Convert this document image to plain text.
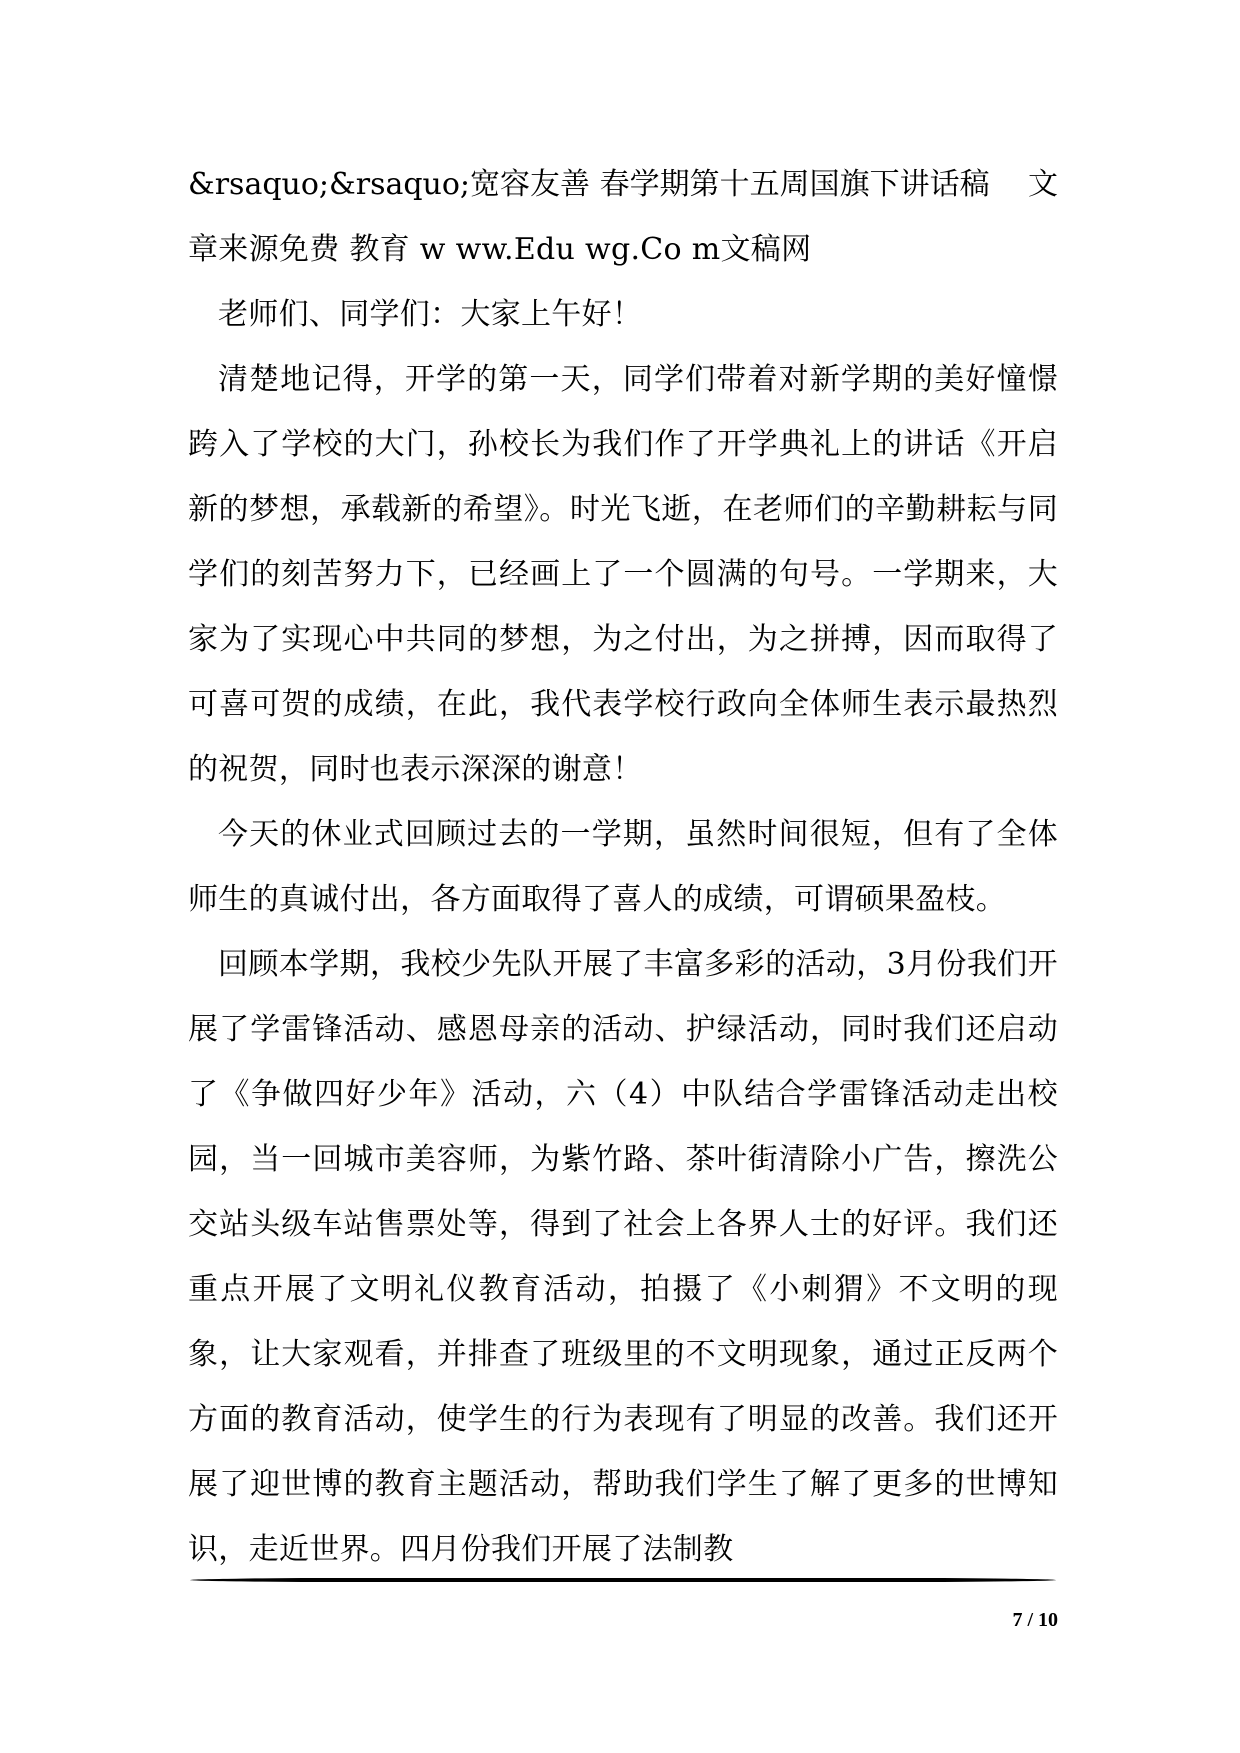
&rsaquo;&rsaquo;宽容友善 春学期第十五周国旗下讲话稿 文

章来源免费 教育 w ww.Edu wg.Co m文稿网

老师们、同学们：大家上午好！

清楚地记得，开学的第一天，同学们带着对新学期的美好憧憬跨入了学校的大门，孙校长为我们作了开学典礼上的讲话《开启新的梦想，承载新的希望》。时光飞逝，在老师们的辛勤耕耘与同学们的刻苦努力下，已经画上了一个圆满的句号。一学期来，大家为了实现心中共同的梦想，为之付出，为之拼搏，因而取得了可喜可贺的成绩，在此，我代表学校行政向全体师生表示最热烈的祝贺，同时也表示深深的谢意！

今天的休业式回顾过去的一学期，虽然时间很短，但有了全体师生的真诚付出，各方面取得了喜人的成绩，可谓硕果盈枝。

回顾本学期，我校少先队开展了丰富多彩的活动，3月份我们开展了学雷锋活动、感恩母亲的活动、护绿活动，同时我们还启动了《争做四好少年》活动，六（4）中队结合学雷锋活动走出校园，当一回城市美容师，为紫竹路、茶叶街清除小广告，擦洗公交站头级车站售票处等，得到了社会上各界人士的好评。我们还重点开展了文明礼仪教育活动，拍摄了《小刺猬》不文明的现象，让大家观看，并排查了班级里的不文明现象，通过正反两个方面的教育活动，使学生的行为表现有了明显的改善。我们还开展了迎世博的教育主题活动，帮助我们学生了解了更多的世博知识，走近世界。四月份我们开展了法制教

7 / 10
